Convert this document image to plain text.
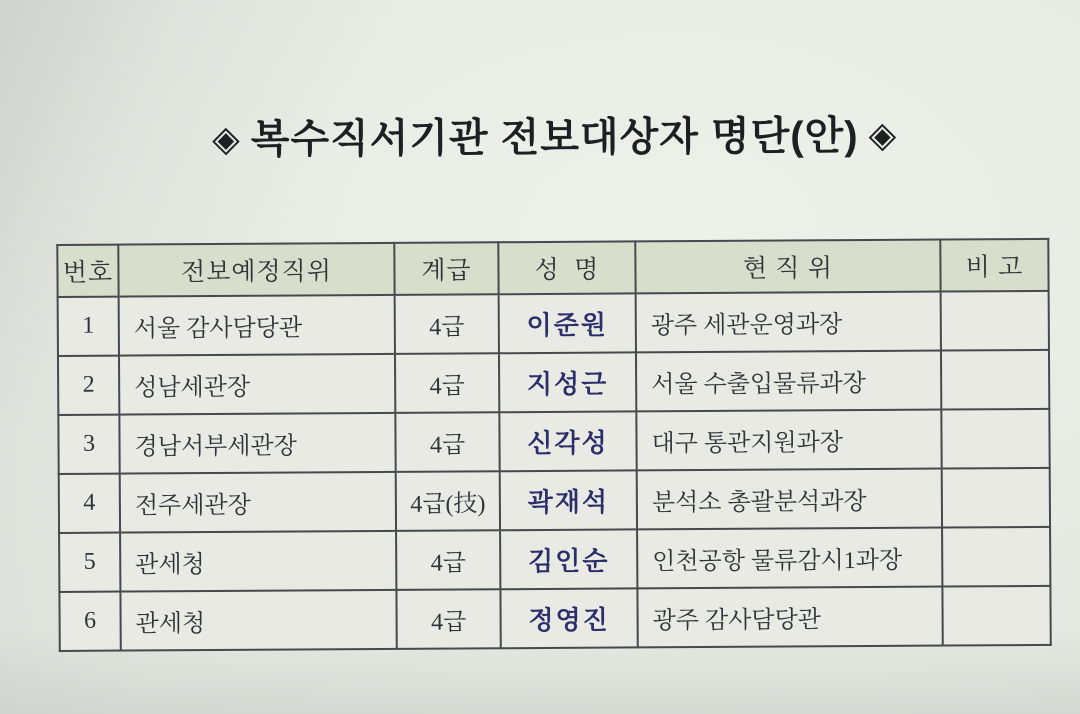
◈ 복수직서기관 전보대상자 명단(안) ◈
번호	전보예정직위	계급	성  명	현 직 위	비 고
1	서울 감사담당관	4급	이준원	광주 세관운영과장	
2	성남세관장	4급	지성근	서울 수출입물류과장	
3	경남서부세관장	4급	신각성	대구 통관지원과장	
4	전주세관장	4급(技)	곽재석	분석소 총괄분석과장	
5	관세청	4급	김인순	인천공항 물류감시1과장	
6	관세청	4급	정영진	광주 감사담당관	
